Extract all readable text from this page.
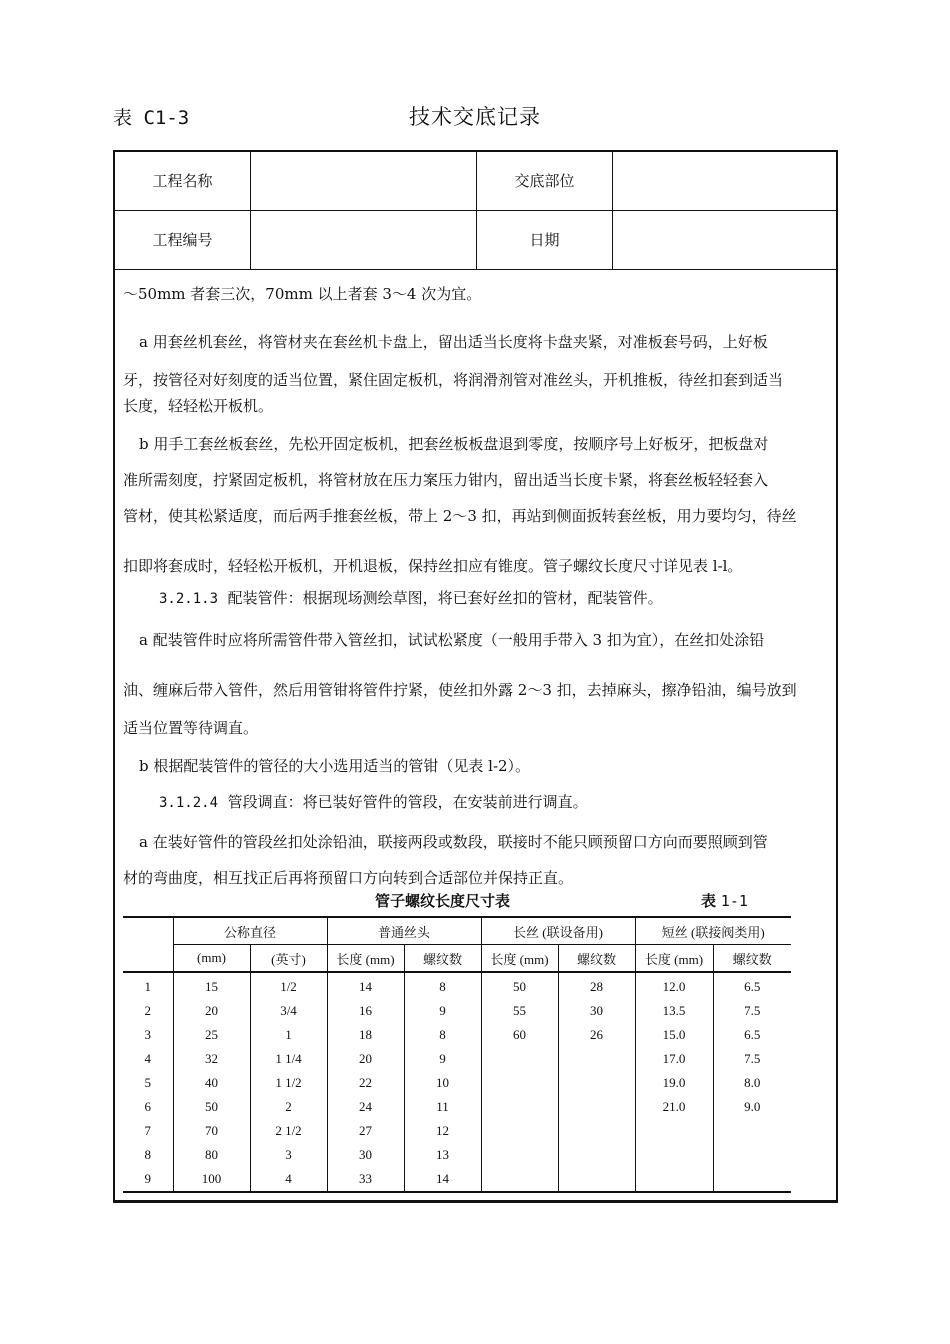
表 C1-3	技术交底记录
工程名称	交底部位
工程编号	日期
～50mm 者套三次，70mm 以上者套 3～4 次为宜。
a 用套丝机套丝，将管材夹在套丝机卡盘上，留出适当长度将卡盘夹紧，对准板套号码，上好板
牙，按管径对好刻度的适当位置，紧住固定板机，将润滑剂管对准丝头，开机推板，待丝扣套到适当
长度，轻轻松开板机。
b 用手工套丝板套丝，先松开固定板机，把套丝板板盘退到零度，按顺序号上好板牙，把板盘对
准所需刻度，拧紧固定板机，将管材放在压力案压力钳内，留出适当长度卡紧，将套丝板轻轻套入
管材，使其松紧适度，而后两手推套丝板，带上 2～3 扣，再站到侧面扳转套丝板，用力要均匀，待丝
扣即将套成时，轻轻松开板机，开机退板，保持丝扣应有锥度。管子螺纹长度尺寸详见表 l-l。
3.2.1.3 配装管件：根据现场测绘草图，将已套好丝扣的管材，配装管件。
a 配装管件时应将所需管件带入管丝扣，试试松紧度（一般用手带入 3 扣为宜），在丝扣处涂铅
油、缠麻后带入管件，然后用管钳将管件拧紧，使丝扣外露 2～3 扣，去掉麻头，擦净铅油，编号放到
适当位置等待调直。
b 根据配装管件的管径的大小选用适当的管钳（见表 l-2）。
3.1.2.4 管段调直：将已装好管件的管段，在安装前进行调直。
a 在装好管件的管段丝扣处涂铅油，联接两段或数段，联接时不能只顾预留口方向而要照顾到管
材的弯曲度，相互找正后再将预留口方向转到合适部位并保持正直。
管子螺纹长度尺寸表	表 1-1
	公称直径		普通丝头		长丝 (联设备用)		短丝 (联接阀类用)	
	(mm)	(英寸)	长度 (mm)	螺纹数	长度 (mm)	螺纹数	长度 (mm)	螺纹数
1	15	1/2	14	8	50	28	12.0	6.5
2	20	3/4	16	9	55	30	13.5	7.5
3	25	1	18	8	60	26	15.0	6.5
4	32	1 1/4	20	9			17.0	7.5
5	40	1 1/2	22	10			19.0	8.0
6	50	2	24	11			21.0	9.0
7	70	2 1/2	27	12				
8	80	3	30	13				
9	100	4	33	14				
